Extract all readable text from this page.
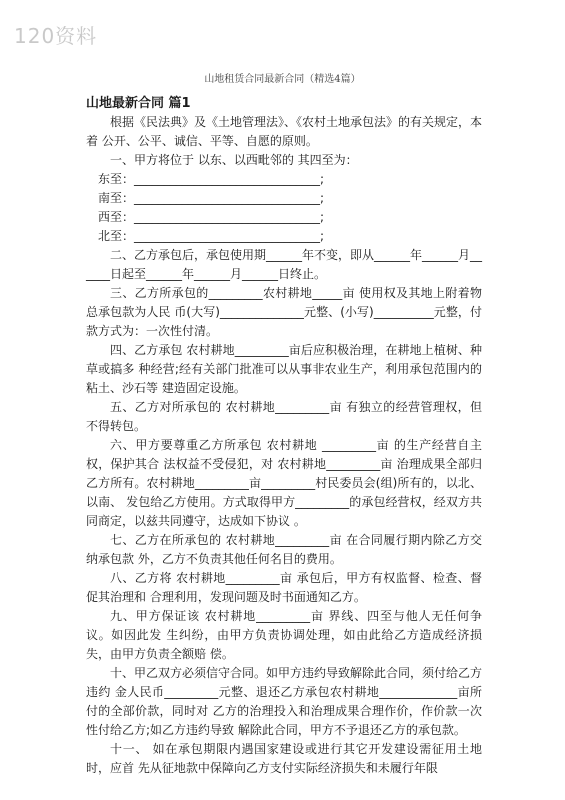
120资料
山地租赁合同最新合同（精选4篇）
山地最新合同 篇1

根据《民法典》及《土地管理法》、《农村土地承包法》的有关规定，本着 公开、公平、诚信、平等、自愿的原则。

一、甲方将位于 以东、以西毗邻的 其四至为：

东至：_______________________________;
南至：_______________________________;
西至：_______________________________;
北至：_______________________________;

二、乙方承包后，承包使用期______年不变，即从______年______月______日起至______年______月______日终止。

三、乙方所承包的_________农村耕地_____亩 使用权及其地上附着物总承包款为人民 币(大写)______________元整、(小写)__________元整，付款方式为：一次性付清。

四、乙方承包 农村耕地_________亩后应积极治理，在耕地上植树、种草或搞多 种经营;经有关部门批准可以从事非农业生产，利用承包范围内的粘土、沙石等 建造固定设施。

五、乙方对所承包的 农村耕地_________亩 有独立的经营管理权，但不得转包。

六、甲方要尊重乙方所承包 农村耕地 _________亩 的生产经营自主权，保护其合 法权益不受侵犯，对 农村耕地_________亩 治理成果全部归乙方所有。农村耕地_________亩_________村民委员会(组)所有的，以北、以南、 发包给乙方使用。方式取得甲方_________的承包经营权，经双方共同商定，以兹共同遵守，达成如下协议 。

七、乙方在所承包的 农村耕地_________亩 在合同履行期内除乙方交纳承包款 外，乙方不负责其他任何名目的费用。

八、乙方将 农村耕地_________亩 承包后，甲方有权监督、检查、督促其治理和 合理利用，发现问题及时书面通知乙方。

九、甲方保证该 农村耕地_________亩 界线、四至与他人无任何争议。如因此发 生纠纷，由甲方负责协调处理，如由此给乙方造成经济损失，由甲方负责全额赔 偿。

十、甲乙双方必须信守合同。如甲方违约导致解除此合同，须付给乙方违约 金人民币_________元整、退还乙方承包农村耕地_____________亩所付的全部价款，同时对 乙方的治理投入和治理成果合理作价，作价款一次性付给乙方;如乙方违约导致 解除此合同，甲方不予退还乙方的承包款。

十一、 如在承包期限内遇国家建设或进行其它开发建设需征用土地时，应首 先从征地款中保障向乙方支付实际经济损失和未履行年限
